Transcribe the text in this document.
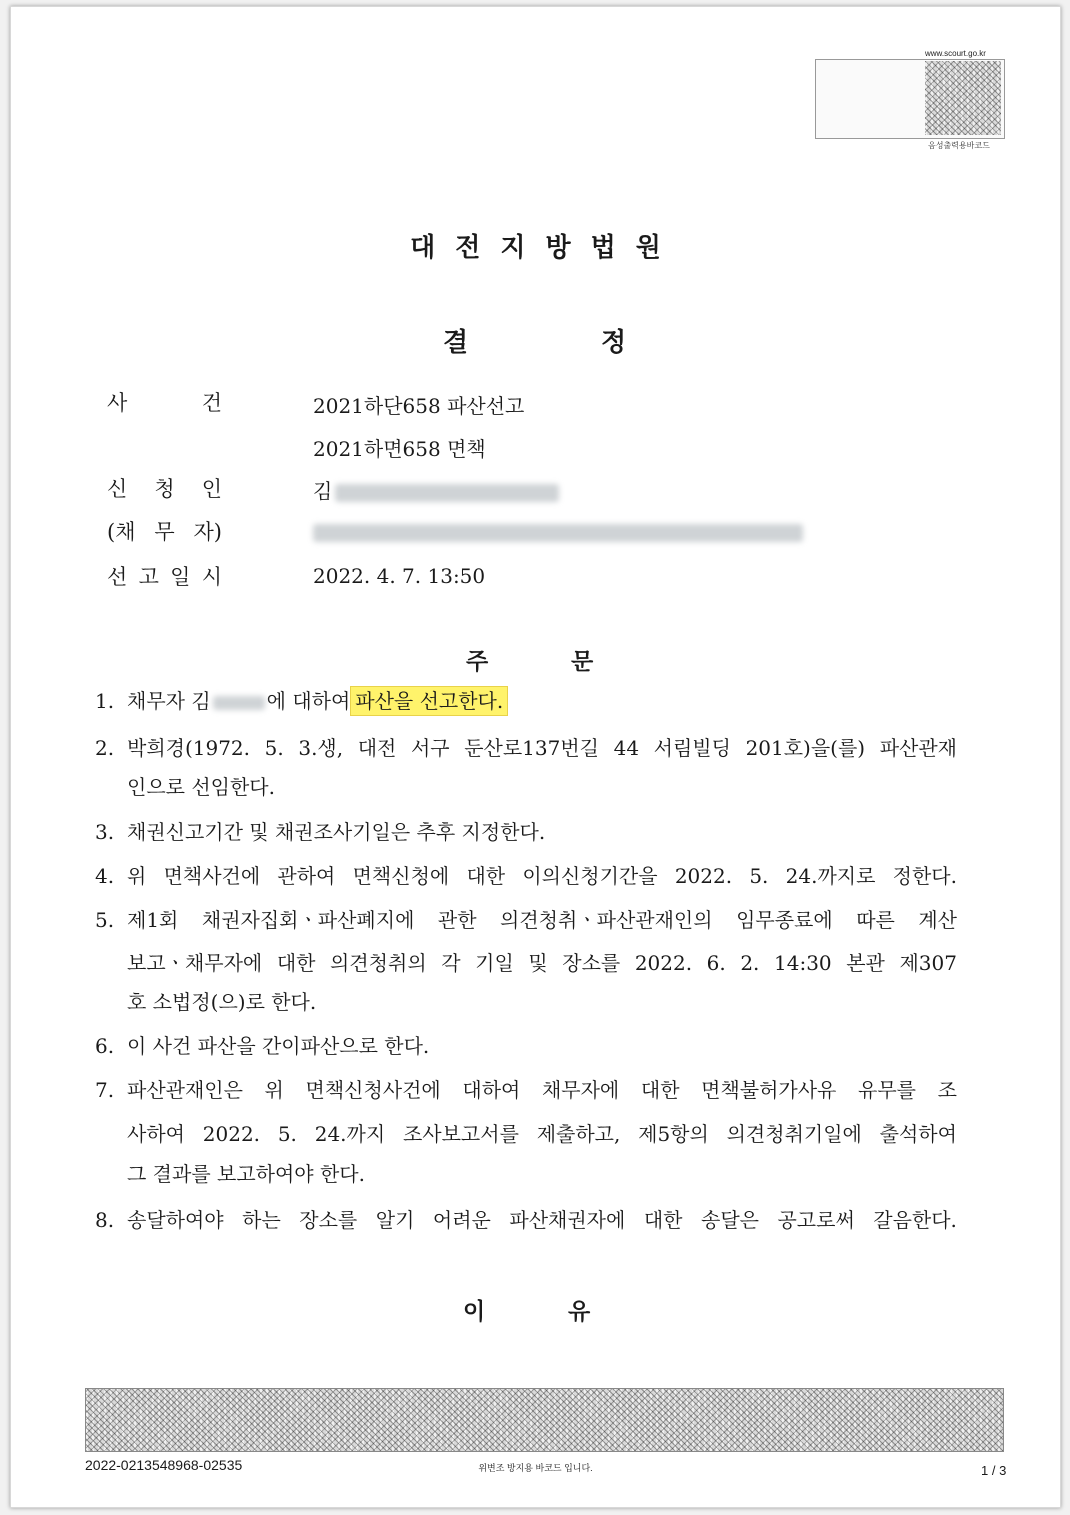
www.scourt.go.kr
음성출력용바코드
대전지방법원
결	정
사	건	2021하단658 파산선고
2021하면658 면책
신 청 인	김
(채 무 자)
선 고 일 시	2022. 4. 7. 13:50
주	문
1. 채무자 김	에 대하여 파산을 선고한다.
2. 박희경(1972. 5. 3.생, 대전 서구 둔산로137번길 44 서림빌딩 201호)을(를) 파산관재
인으로 선임한다.
3. 채권신고기간 및 채권조사기일은 추후 지정한다.
4. 위 면책사건에 관하여 면책신청에 대한 이의신청기간을 2022. 5. 24.까지로 정한다.
5. 제1회 채권자집회ㆍ파산폐지에 관한 의견청취ㆍ파산관재인의 임무종료에 따른 계산
보고ㆍ채무자에 대한 의견청취의 각 기일 및 장소를 2022. 6. 2. 14:30 본관 제307
호 소법정(으)로 한다.
6. 이 사건 파산을 간이파산으로 한다.
7. 파산관재인은 위 면책신청사건에 대하여 채무자에 대한 면책불허가사유 유무를 조
사하여 2022. 5. 24.까지 조사보고서를 제출하고, 제5항의 의견청취기일에 출석하여
그 결과를 보고하여야 한다.
8. 송달하여야 하는 장소를 알기 어려운 파산채권자에 대한 송달은 공고로써 갈음한다.
이	유
2022-0213548968-02535	위변조 방지용 바코드 입니다.	1 / 3
